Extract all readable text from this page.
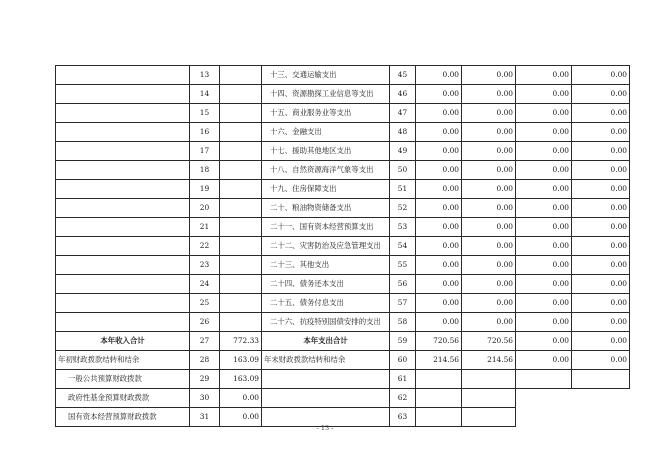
	13		十三、交通运输支出	45	0.00	0.00	0.00	0.00
	14		十四、资源勘探工业信息等支出	46	0.00	0.00	0.00	0.00
	15		十五、商业服务业等支出	47	0.00	0.00	0.00	0.00
	16		十六、金融支出	48	0.00	0.00	0.00	0.00
	17		十七、援助其他地区支出	49	0.00	0.00	0.00	0.00
	18		十八、自然资源海洋气象等支出	50	0.00	0.00	0.00	0.00
	19		十九、住房保障支出	51	0.00	0.00	0.00	0.00
	20		二十、粮油物资储备支出	52	0.00	0.00	0.00	0.00
	21		二十一、国有资本经营预算支出	53	0.00	0.00	0.00	0.00
	22		二十二、灾害防治及应急管理支出	54	0.00	0.00	0.00	0.00
	23		二十三、其他支出	55	0.00	0.00	0.00	0.00
	24		二十四、债务还本支出	56	0.00	0.00	0.00	0.00
	25		二十五、债务付息支出	57	0.00	0.00	0.00	0.00
	26		二十六、抗疫特别国债安排的支出	58	0.00	0.00	0.00	0.00
本年收入合计	27	772.33	本年支出合计	59	720.56	720.56	0.00	0.00
年初财政拨款结转和结余	28	163.09	年末财政拨款结转和结余	60	214.56	214.56	0.00	0.00
一般公共预算财政拨款	29	163.09		61				
政府性基金预算财政拨款	30	0.00		62				
国有资本经营预算财政拨款	31	0.00		63				
- 13 -
